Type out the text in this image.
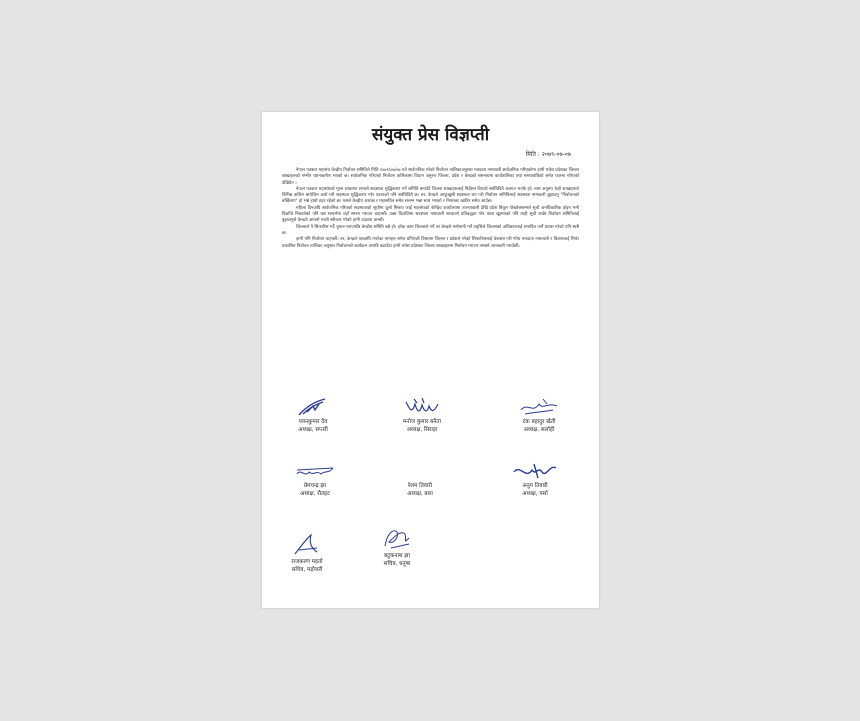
संयुक्त प्रेस विज्ञप्ती
मिति : २०७९-०७-०७

नेपाल पत्रकार महासंघ केन्द्रीय निर्वाचन समितिले मिति २०७९/०७/०७ गते सार्वजनिक गरेको निर्वाचन तालिकाअनुसार मतदाता नामावली सार्वजनिक गरिएकोमा हामी मधेश प्रदेशका जिल्ला शाखाहरुको गम्भीर ध्यानाकर्षण भएको छ। सार्वजनिक गरिएको निर्वाचन तालिकामा विधान अनुरुप जिल्ला, प्रदेश र केन्द्रको समन्वयमा कार्यतालिका तथा समयावधिको समेत पालना गरिएको देखिदैन ।

नेपाल पत्रकार महासंघको मूल्य साधारण सभाले सदस्यता शुद्धिकरण गर्ने समिति बनाउँदै जिल्ला शाखाहरुलाई निर्देशन दिएको सर्वविदितै अवगत भएकै हो। त्यस अनुरुप केही शाखाहरुले विभिन्न तालिम बमोजिम कार्य गरी सदस्यता शुद्धिकरण गरेर पठाएको पनि सर्वविदितै छ। तर, केन्द्रले आफूखुसी सदस्यता थप गरी निर्वाचन समितिलाई सदस्यता नामावली बुझाउनु "निर्वाचनको बर्खिलाप" हो भन्ने हाम्रो ठहर रहेको छ। यसले केन्द्रीय अध्यक्ष र महासचिव समेत संलग्न भन्ना साथ भएको र नियमका खातिर समेत आउँछ।

महिला दिनअघि सार्वजनिक गरिएको सदस्यताको सूचीमा धुलो मिसाए जाइँ महासंघको केन्द्रिय कार्यालयमा ताल्चावाली देखि प्रदेश बिपुल पोखरेलसम्मले सूची अनधिकारिक होइन भनी विज्ञप्ति निकालेको पनि यस सन्दर्भमा यहाँ स्मरण गराउन चाहन्छौं। उक्त विज्ञप्तिमा सदस्यता नामावली सच्याउने प्रतिबद्धता गरेर ताला खुलाएको पनि त्यही सूची राखेर निर्वाचन समितिलाई बुझाउनुले केन्द्रले आफ्नो गल्ती स्वीकार गरेको हामी उदारता ठान्छौं।

जिल्लाले नै सिफारिस गर्दै चुनाव गराएपछि केन्द्रीय समिति बन्ने हो। हरेक काम जिल्लाले गर्ने तर केन्द्रले मनोमानी गर्ने प्रवृत्तिले जिल्लाको अधिकारलाई प्रभावित पार्ने प्रयास गरेको पनि स्पष्टै छ।

हामी पनि निर्वाचन चाहन्छौं। तर, केन्द्रले यसअघि नपरेका नामहरु समेत थपिएको विषयमा जिल्ला र प्रदेशले गरेको सिफारिसलाई बेवास्ता गरी गोप्य मतदाता नामावली र विधानलाई मिचेर प्रकाशित निर्वाचन तालिका अनुसार निर्वाचनको कार्यक्रम अगाडि बढाउँदा हामी मधेश प्रदेशका जिल्ला शाखाहरुमा निर्वाचन गराउन नसक्ने जानकारी गराउँछौं।

पवनकुमार देव
अध्यक्ष, सप्तरी
मनोज कुमार बनैता
अध्यक्ष, सिराहा
टंक बहादुर खेती
अध्यक्ष, सर्लाही
प्रेमचन्द्र झा
अध्यक्ष, रौतहट
रेशम तिवारी
अध्यक्ष, बारा
अनुप तिवारी
अध्यक्ष, पर्सा
राजकरण महतो
सचिव, महोत्तरी
बटुकनाथ झा
सचिव, धनुषा
